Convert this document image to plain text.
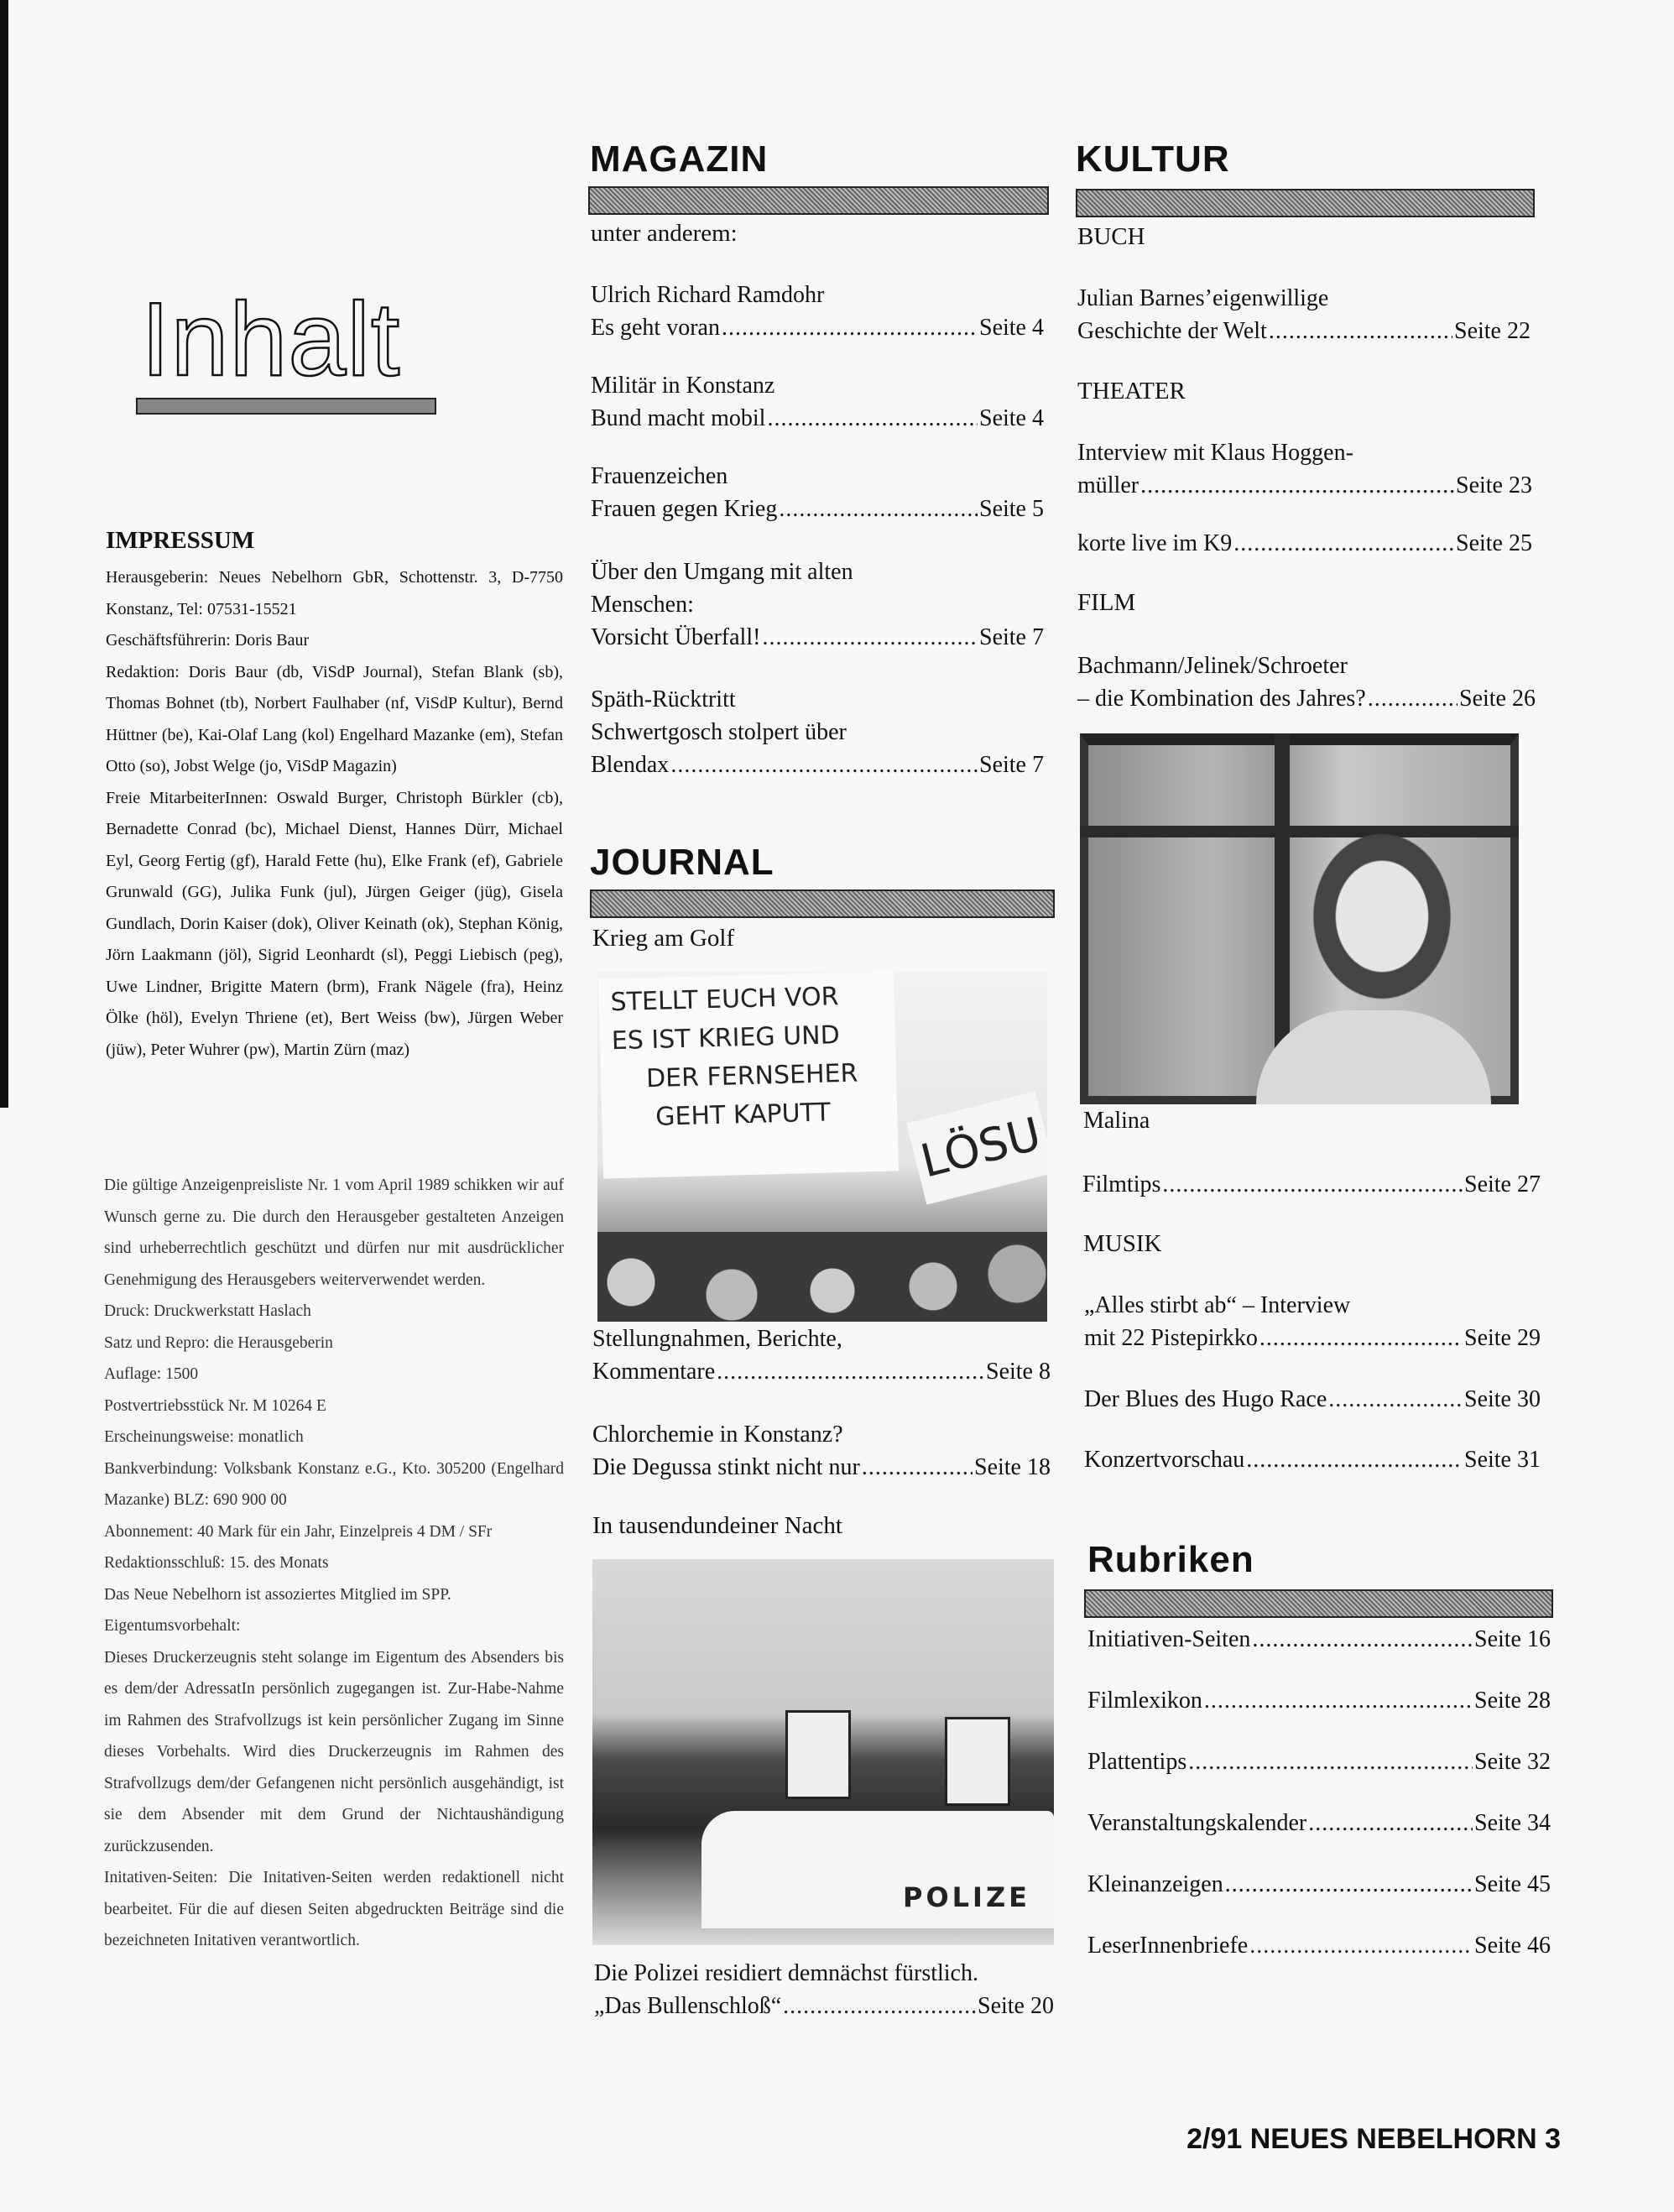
Inhalt
IMPRESSUM

Herausgeberin: Neues Nebelhorn GbR, Schottenstr. 3, D-7750 Konstanz, Tel: 07531-15521

Geschäftsführerin: Doris Baur

Redaktion: Doris Baur (db, ViSdP Journal), Stefan Blank (sb), Thomas Bohnet (tb), Norbert Faulhaber (nf, ViSdP Kultur), Bernd Hüttner (be), Kai-Olaf Lang (kol) Engelhard Mazanke (em), Stefan Otto (so), Jobst Welge (jo, ViSdP Magazin)

Freie MitarbeiterInnen: Oswald Burger, Christoph Bürkler (cb), Bernadette Conrad (bc), Michael Dienst, Hannes Dürr, Michael Eyl, Georg Fertig (gf), Harald Fette (hu), Elke Frank (ef), Gabriele Grunwald (GG), Julika Funk (jul), Jürgen Geiger (jüg), Gisela Gundlach, Dorin Kaiser (dok), Oliver Keinath (ok), Stephan König, Jörn Laakmann (jöl), Sigrid Leonhardt (sl), Peggi Liebisch (peg), Uwe Lindner, Brigitte Matern (brm), Frank Nägele (fra), Heinz Ölke (höl), Evelyn Thriene (et), Bert Weiss (bw), Jürgen Weber (jüw), Peter Wuhrer (pw), Martin Zürn (maz)

Die gültige Anzeigenpreisliste Nr. 1 vom April 1989 schikken wir auf Wunsch gerne zu. Die durch den Herausgeber gestalteten Anzeigen sind urheberrechtlich geschützt und dürfen nur mit ausdrücklicher Genehmigung des Herausgebers weiterverwendet werden.

Druck: Druckwerkstatt Haslach

Satz und Repro: die Herausgeberin

Auflage: 1500

Postvertriebsstück Nr. M 10264 E

Erscheinungsweise: monatlich

Bankverbindung: Volksbank Konstanz e.G., Kto. 305200 (Engelhard Mazanke) BLZ: 690 900 00

Abonnement: 40 Mark für ein Jahr, Einzelpreis 4 DM / SFr

Redaktionsschluß: 15. des Monats

Das Neue Nebelhorn ist assoziertes Mitglied im SPP.

Eigentumsvorbehalt:

Dieses Druckerzeugnis steht solange im Eigentum des Absenders bis es dem/der AdressatIn persönlich zugegangen ist. Zur-Habe-Nahme im Rahmen des Strafvollzugs ist kein persönlicher Zugang im Sinne dieses Vorbehalts. Wird dies Druckerzeugnis im Rahmen des Strafvollzugs dem/der Gefangenen nicht persönlich ausgehändigt, ist sie dem Absender mit dem Grund der Nichtaushändigung zurückzusenden.

Initativen-Seiten: Die Initativen-Seiten werden redaktionell nicht bearbeitet. Für die auf diesen Seiten abgedruckten Beiträge sind die bezeichneten Initativen verantwortlich.

MAGAZIN
unter anderem:
Ulrich Richard Ramdohr
Es geht voran .....	Seite 4
Militär in Konstanz
Bund macht mobil .....	Seite 4
Frauenzeichen
Frauen gegen Krieg .....	Seite 5
Über den Umgang mit alten Menschen:
Vorsicht Überfall! .....	Seite 7
Späth-Rücktritt
Schwertgosch stolpert über
Blendax .....	Seite 7
JOURNAL
Krieg am Golf
STELLT EUCH VOR
ES IST KRIEG UND
DER FERNSEHER
GEHT KAPUTT	LÖSU
Stellungnahmen, Berichte,
Kommentare .....	Seite 8
Chlorchemie in Konstanz?
Die Degussa stinkt nicht nur .....	Seite 18
In tausendundeiner Nacht
POLIZE
Die Polizei residiert demnächst fürstlich.
„Das Bullenschloß“ .....	Seite 20
KULTUR
BUCH
Julian Barnes’eigenwillige
Geschichte der Welt .....	Seite 22
THEATER
Interview mit Klaus Hoggen-
müller .....	Seite 23
korte live im K9 .....	Seite 25
FILM
Bachmann/Jelinek/Schroeter
– die Kombination des Jahres? .....	Seite 26
Malina
Filmtips .....	Seite 27
MUSIK
„Alles stirbt ab“ – Interview
mit 22 Pistepirkko .....	Seite 29
Der Blues des Hugo Race .....	Seite 30
Konzertvorschau .....	Seite 31
Rubriken
Initiativen-Seiten .....	Seite 16
Filmlexikon .....	Seite 28
Plattentips .....	Seite 32
Veranstaltungskalender .....	Seite 34
Kleinanzeigen .....	Seite 45
LeserInnenbriefe .....	Seite 46
2/91 NEUES NEBELHORN 3
